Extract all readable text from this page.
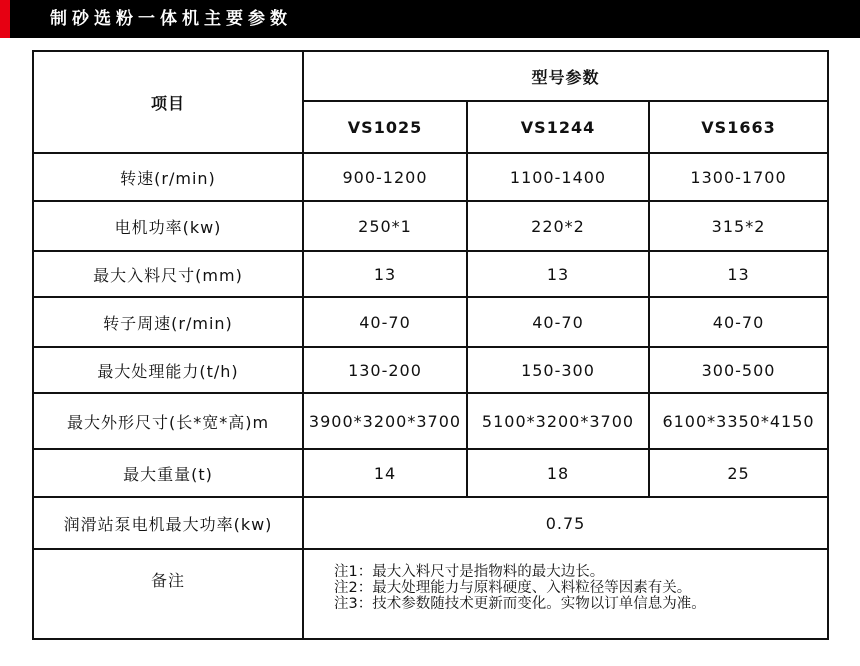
制砂选粉一体机主要参数
项目	型号参数		
	VS1025	VS1244	VS1663
转速(r/min)	900-1200	1100-1400	1300-1700
电机功率(kw)	250*1	220*2	315*2
最大入料尺寸(mm)	13	13	13
转子周速(r/min)	40-70	40-70	40-70
最大处理能力(t/h)	130-200	150-300	300-500
最大外形尺寸(长*宽*高)m	3900*3200*3700	5100*3200*3700	6100*3350*4150
最大重量(t)	14	18	25
润滑站泵电机最大功率(kw)	0.75		
备注	注1：最大入料尺寸是指物料的最大边长。
注2：最大处理能力与原料硬度、入料粒径等因素有关。
注3：技术参数随技术更新而变化。实物以订单信息为准。		
